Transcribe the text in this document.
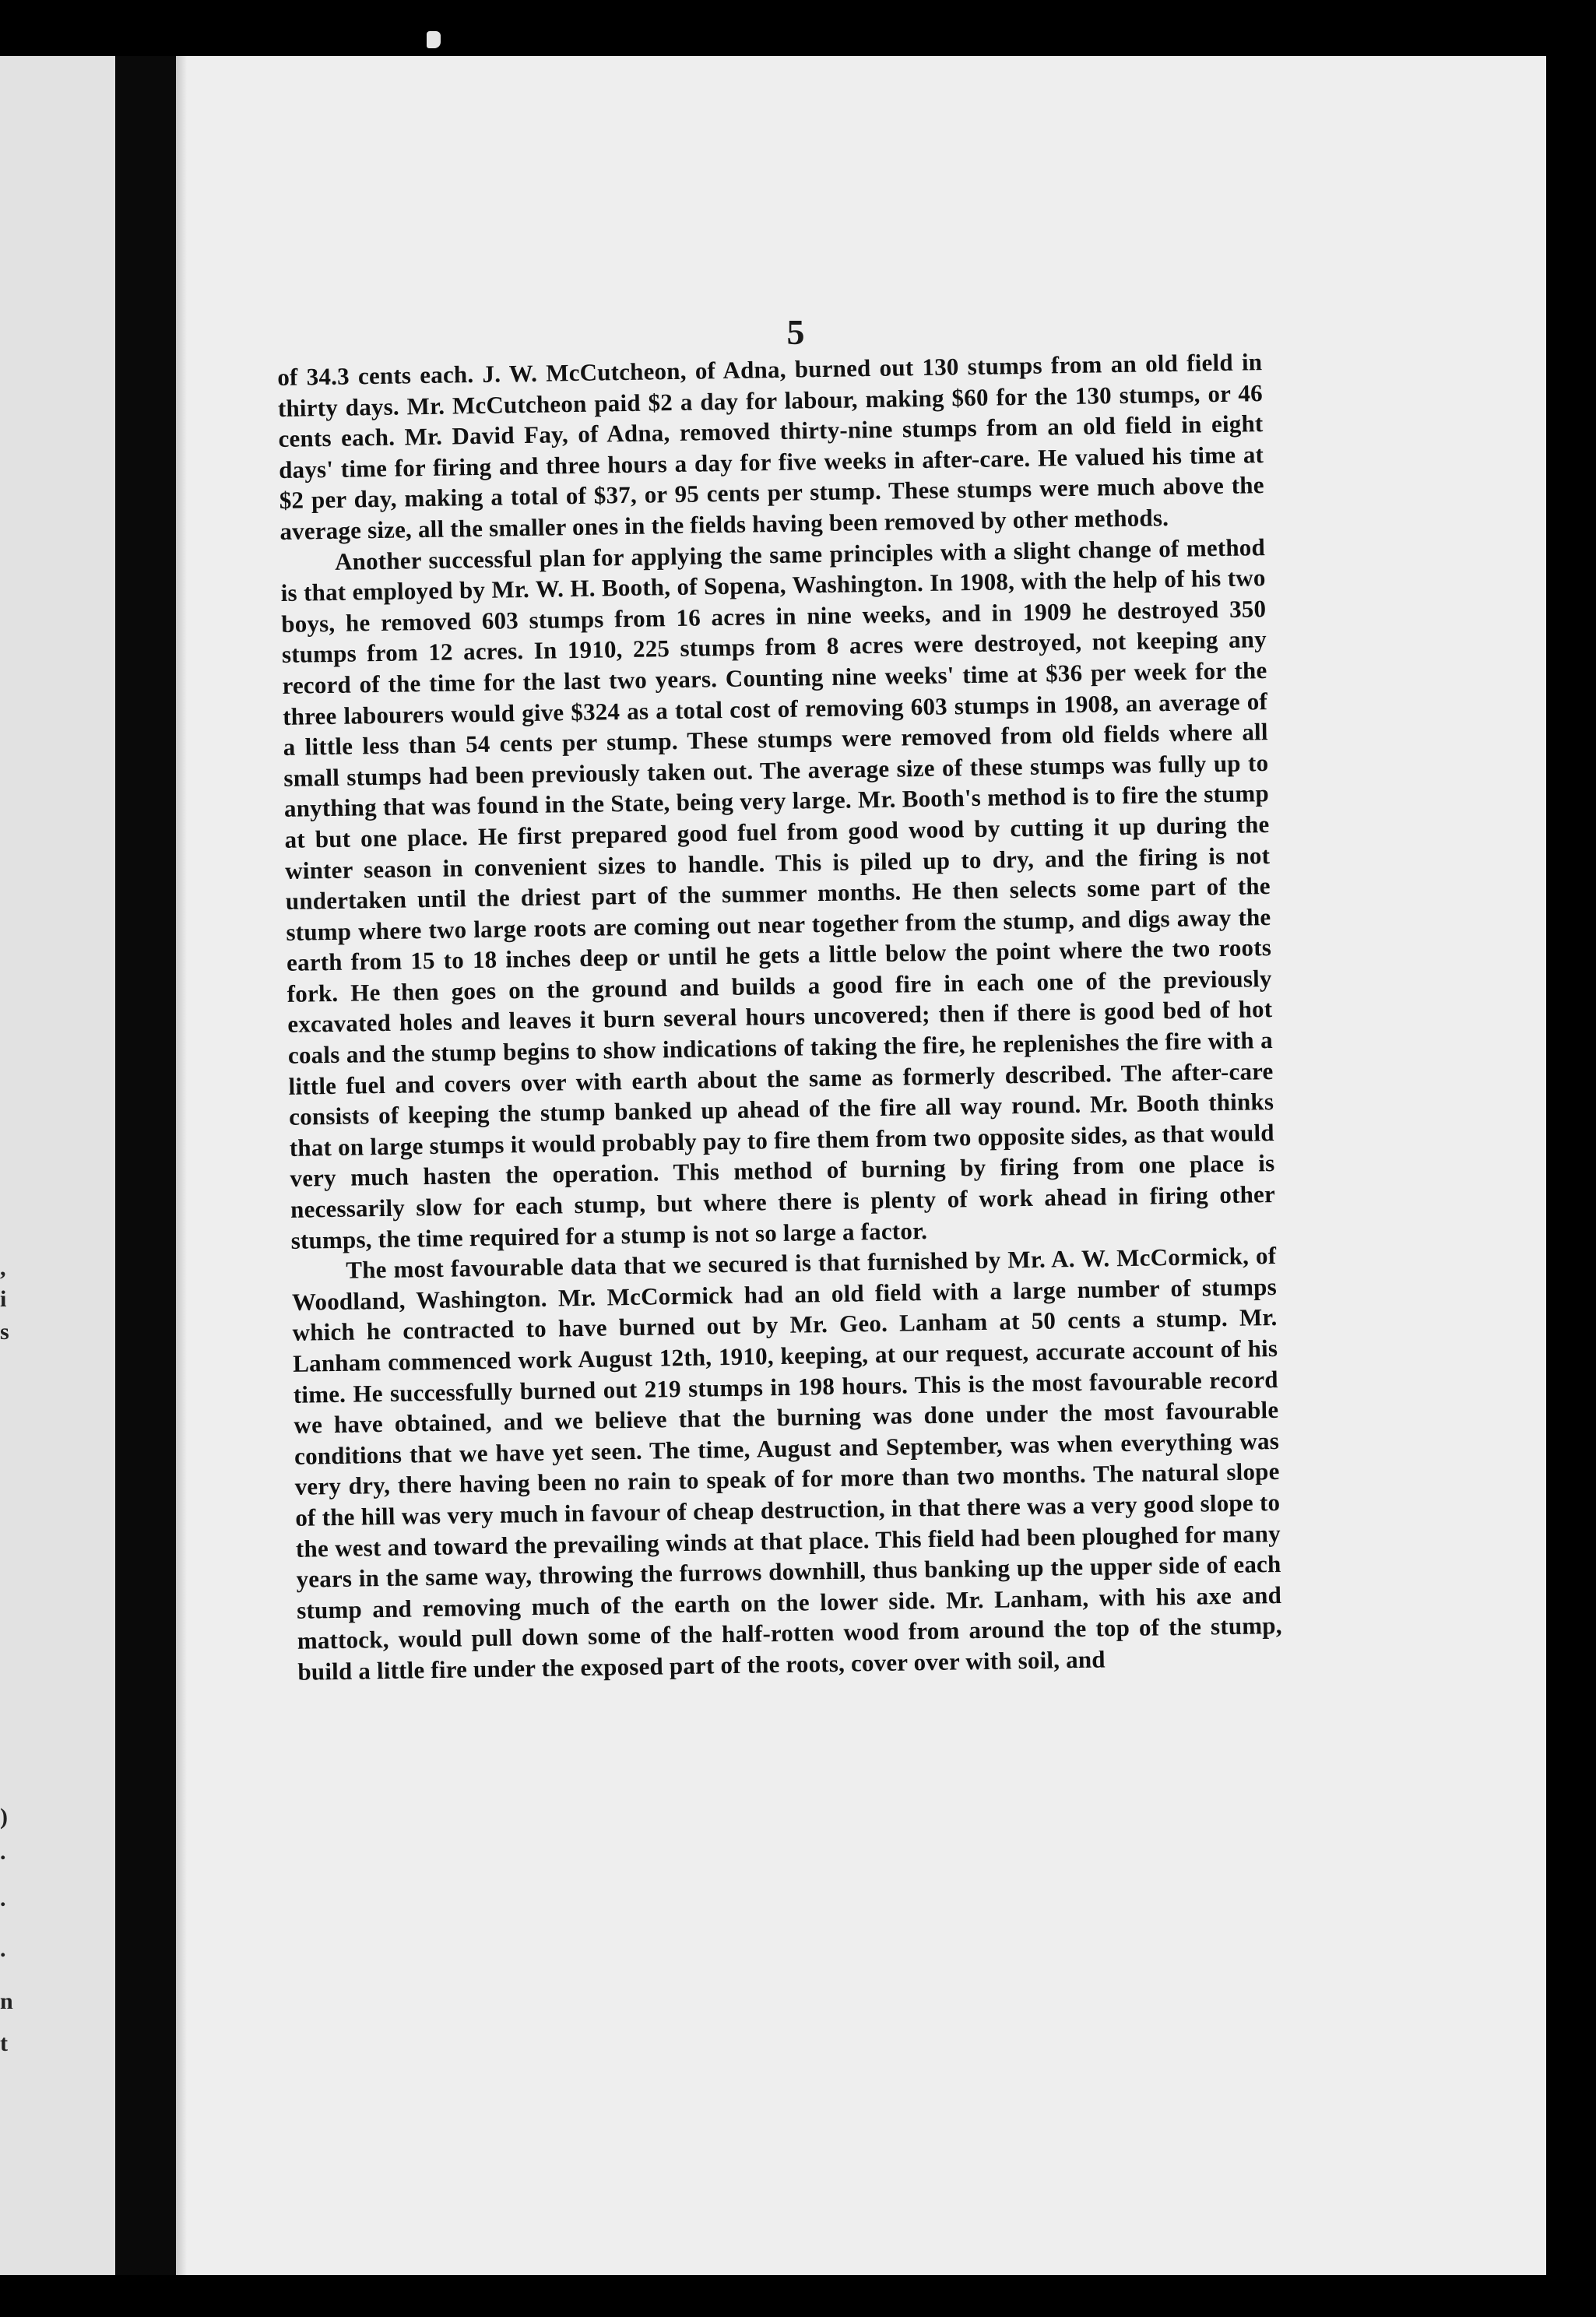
,
i
s
)
.
.
.
n
t
5

of 34.3 cents each. J. W. McCutcheon, of Adna, burned out 130 stumps from an old field in thirty days. Mr. McCutcheon paid $2 a day for labour, making $60 for the 130 stumps, or 46 cents each. Mr. David Fay, of Adna, removed thirty-nine stumps from an old field in eight days' time for firing and three hours a day for five weeks in after-care. He valued his time at $2 per day, making a total of $37, or 95 cents per stump. These stumps were much above the average size, all the smaller ones in the fields having been removed by other methods.

Another successful plan for applying the same principles with a slight change of method is that employed by Mr. W. H. Booth, of Sopena, Washington. In 1908, with the help of his two boys, he removed 603 stumps from 16 acres in nine weeks, and in 1909 he destroyed 350 stumps from 12 acres. In 1910, 225 stumps from 8 acres were destroyed, not keeping any record of the time for the last two years. Counting nine weeks' time at $36 per week for the three labourers would give $324 as a total cost of removing 603 stumps in 1908, an average of a little less than 54 cents per stump. These stumps were removed from old fields where all small stumps had been previously taken out. The average size of these stumps was fully up to anything that was found in the State, being very large. Mr. Booth's method is to fire the stump at but one place. He first prepared good fuel from good wood by cutting it up during the winter season in convenient sizes to handle. This is piled up to dry, and the firing is not undertaken until the driest part of the summer months. He then selects some part of the stump where two large roots are coming out near together from the stump, and digs away the earth from 15 to 18 inches deep or until he gets a little below the point where the two roots fork. He then goes on the ground and builds a good fire in each one of the previously excavated holes and leaves it burn several hours uncovered; then if there is good bed of hot coals and the stump begins to show indications of taking the fire, he replenishes the fire with a little fuel and covers over with earth about the same as formerly described. The after-care consists of keeping the stump banked up ahead of the fire all way round. Mr. Booth thinks that on large stumps it would probably pay to fire them from two opposite sides, as that would very much hasten the operation. This method of burning by firing from one place is necessarily slow for each stump, but where there is plenty of work ahead in firing other stumps, the time required for a stump is not so large a factor.

The most favourable data that we secured is that furnished by Mr. A. W. McCormick, of Woodland, Washington. Mr. McCormick had an old field with a large number of stumps which he contracted to have burned out by Mr. Geo. Lanham at 50 cents a stump. Mr. Lanham commenced work August 12th, 1910, keeping, at our request, accurate account of his time. He successfully burned out 219 stumps in 198 hours. This is the most favourable record we have obtained, and we believe that the burning was done under the most favourable conditions that we have yet seen. The time, August and September, was when everything was very dry, there having been no rain to speak of for more than two months. The natural slope of the hill was very much in favour of cheap destruction, in that there was a very good slope to the west and toward the prevailing winds at that place. This field had been ploughed for many years in the same way, throwing the furrows downhill, thus banking up the upper side of each stump and removing much of the earth on the lower side. Mr. Lanham, with his axe and mattock, would pull down some of the half-rotten wood from around the top of the stump, build a little fire under the exposed part of the roots, cover over with soil, and
